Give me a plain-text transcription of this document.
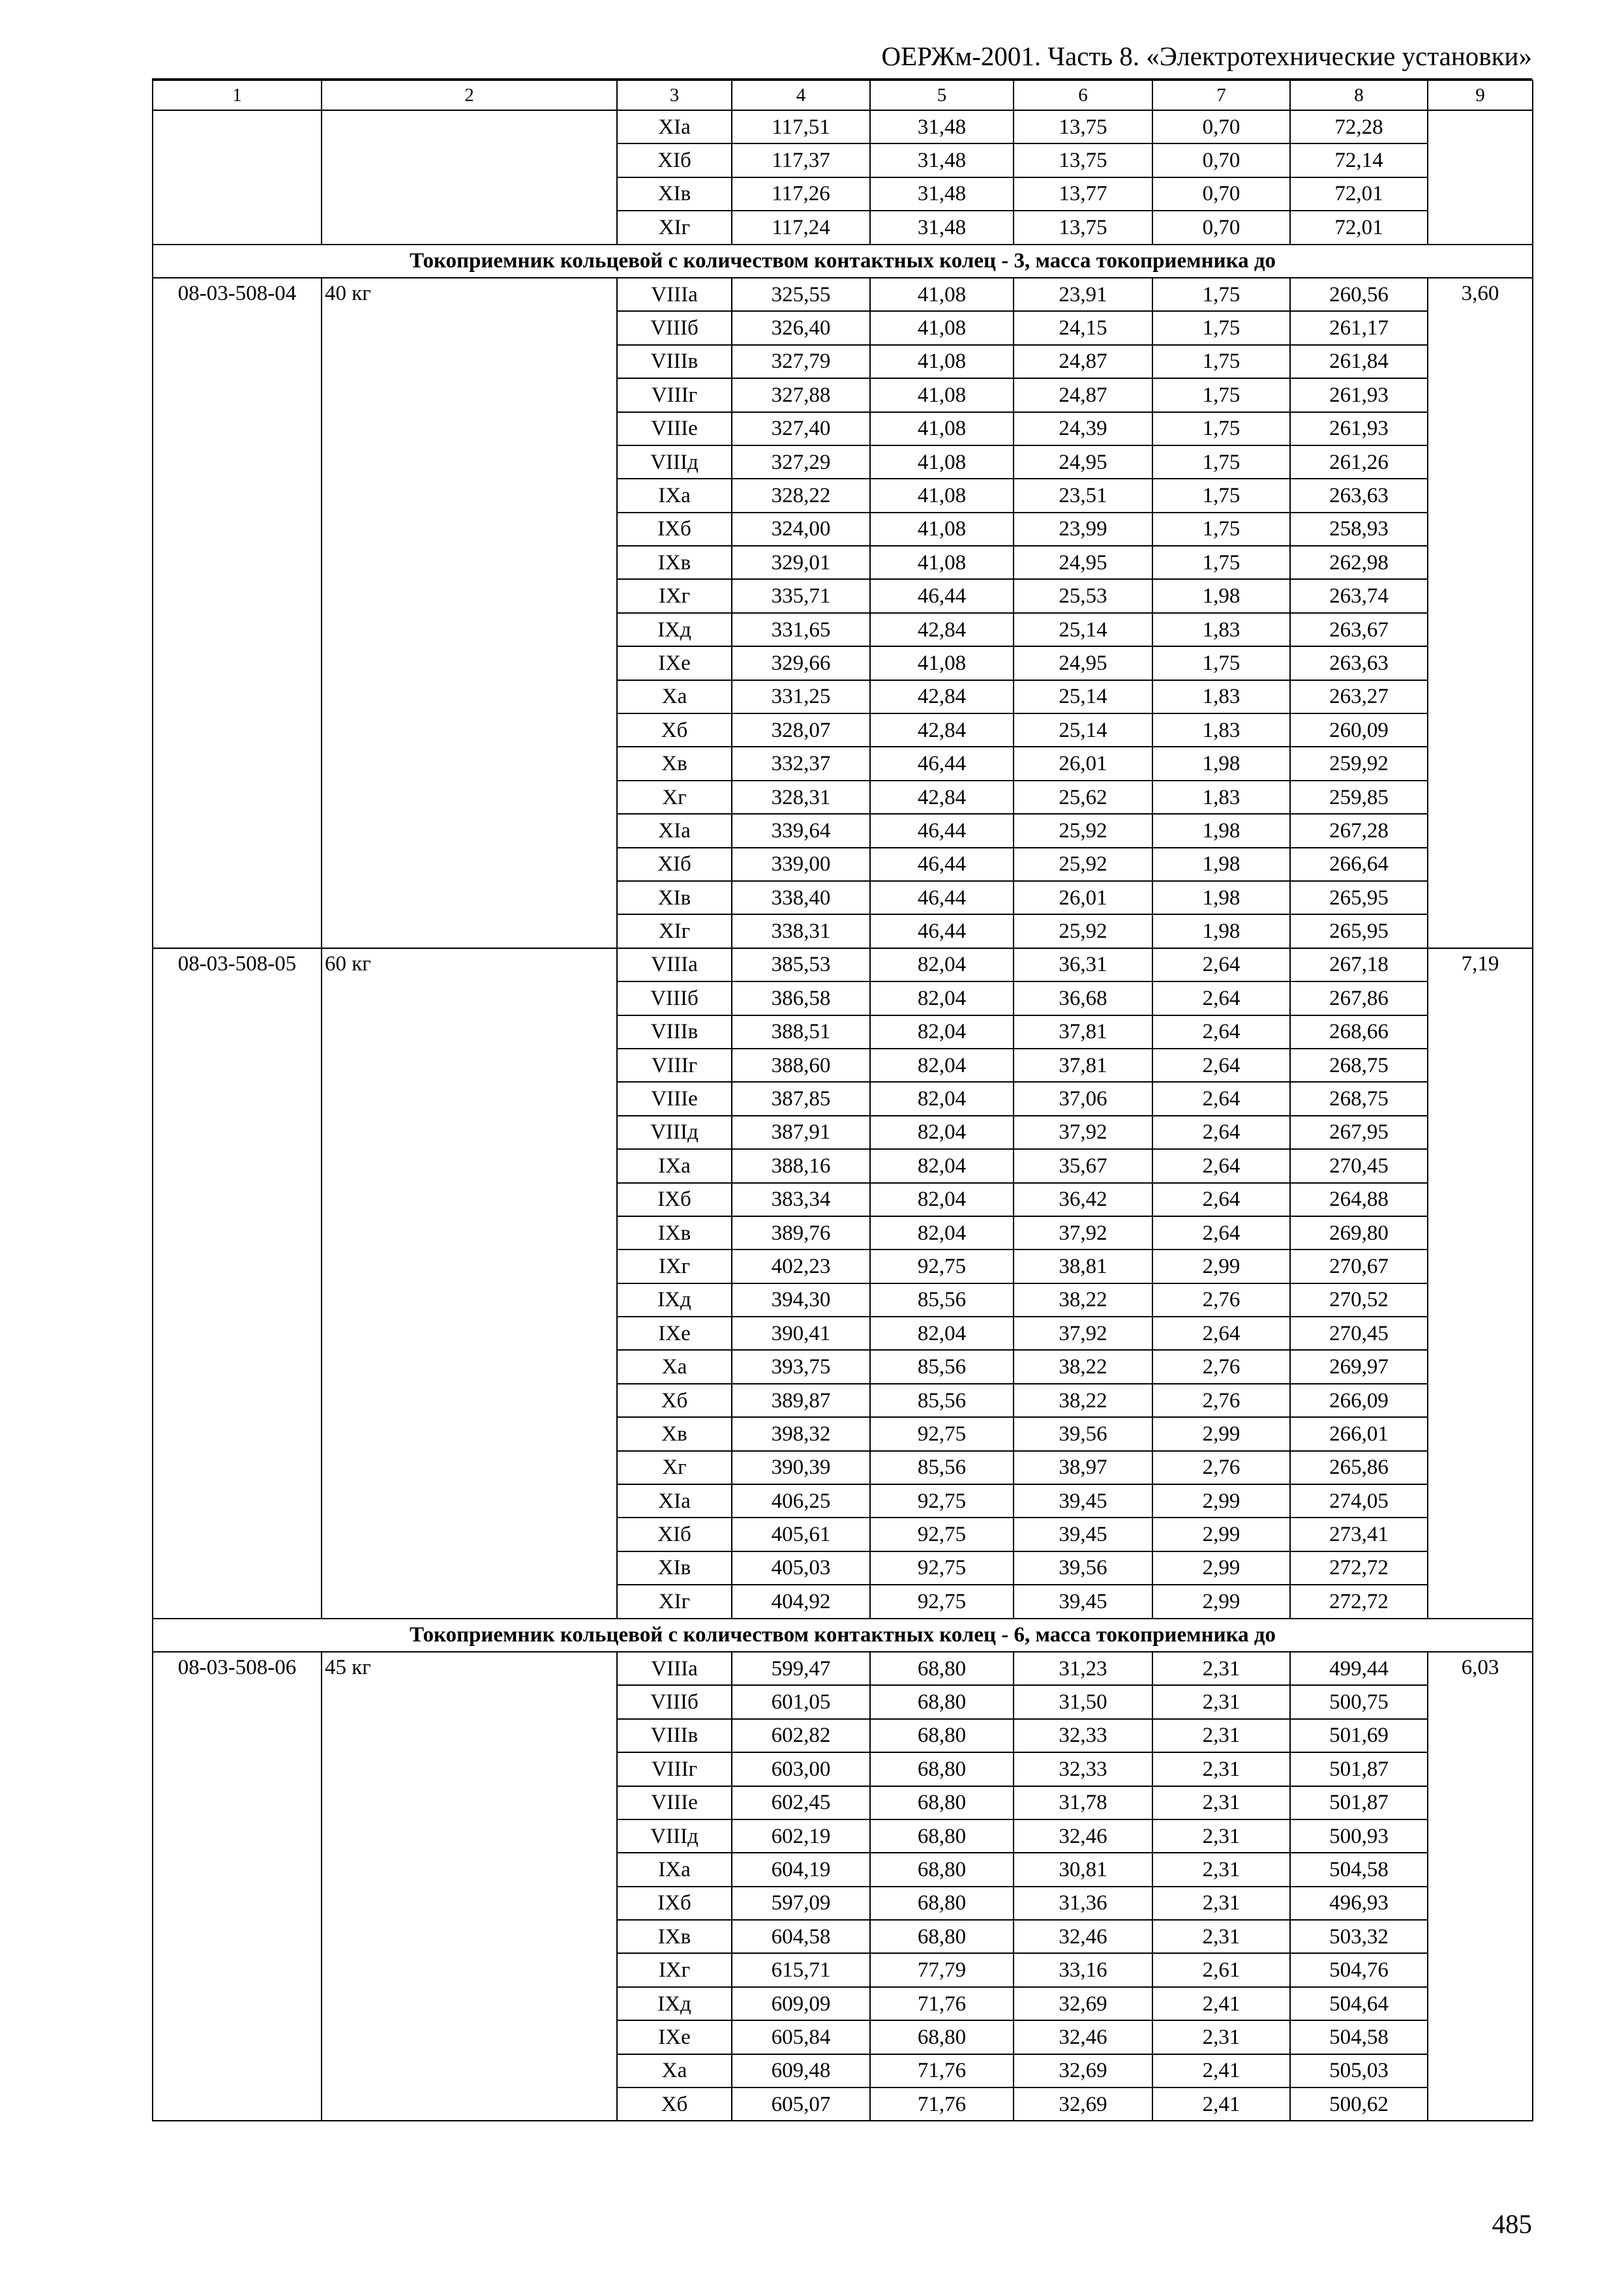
ОЕРЖм-2001. Часть 8. «Электротехнические установки»
1	2	3	4	5	6	7	8	9
		XIа	117,51	31,48	13,75	0,70	72,28	
		XIб	117,37	31,48	13,75	0,70	72,14	
		XIв	117,26	31,48	13,77	0,70	72,01	
		XIг	117,24	31,48	13,75	0,70	72,01	
Токоприемник кольцевой с количеством контактных колец - 3, масса токоприемника до								
08-03-508-04	40 кг	VIIIа	325,55	41,08	23,91	1,75	260,56	3,60
		VIIIб	326,40	41,08	24,15	1,75	261,17	
		VIIIв	327,79	41,08	24,87	1,75	261,84	
		VIIIг	327,88	41,08	24,87	1,75	261,93	
		VIIIе	327,40	41,08	24,39	1,75	261,93	
		VIIIд	327,29	41,08	24,95	1,75	261,26	
		IXа	328,22	41,08	23,51	1,75	263,63	
		IXб	324,00	41,08	23,99	1,75	258,93	
		IXв	329,01	41,08	24,95	1,75	262,98	
		IXг	335,71	46,44	25,53	1,98	263,74	
		IXд	331,65	42,84	25,14	1,83	263,67	
		IXе	329,66	41,08	24,95	1,75	263,63	
		Xа	331,25	42,84	25,14	1,83	263,27	
		Xб	328,07	42,84	25,14	1,83	260,09	
		Xв	332,37	46,44	26,01	1,98	259,92	
		Xг	328,31	42,84	25,62	1,83	259,85	
		XIа	339,64	46,44	25,92	1,98	267,28	
		XIб	339,00	46,44	25,92	1,98	266,64	
		XIв	338,40	46,44	26,01	1,98	265,95	
		XIг	338,31	46,44	25,92	1,98	265,95	
08-03-508-05	60 кг	VIIIа	385,53	82,04	36,31	2,64	267,18	7,19
		VIIIб	386,58	82,04	36,68	2,64	267,86	
		VIIIв	388,51	82,04	37,81	2,64	268,66	
		VIIIг	388,60	82,04	37,81	2,64	268,75	
		VIIIе	387,85	82,04	37,06	2,64	268,75	
		VIIIд	387,91	82,04	37,92	2,64	267,95	
		IXа	388,16	82,04	35,67	2,64	270,45	
		IXб	383,34	82,04	36,42	2,64	264,88	
		IXв	389,76	82,04	37,92	2,64	269,80	
		IXг	402,23	92,75	38,81	2,99	270,67	
		IXд	394,30	85,56	38,22	2,76	270,52	
		IXе	390,41	82,04	37,92	2,64	270,45	
		Xа	393,75	85,56	38,22	2,76	269,97	
		Xб	389,87	85,56	38,22	2,76	266,09	
		Xв	398,32	92,75	39,56	2,99	266,01	
		Xг	390,39	85,56	38,97	2,76	265,86	
		XIа	406,25	92,75	39,45	2,99	274,05	
		XIб	405,61	92,75	39,45	2,99	273,41	
		XIв	405,03	92,75	39,56	2,99	272,72	
		XIг	404,92	92,75	39,45	2,99	272,72	
Токоприемник кольцевой с количеством контактных колец - 6, масса токоприемника до								
08-03-508-06	45 кг	VIIIа	599,47	68,80	31,23	2,31	499,44	6,03
		VIIIб	601,05	68,80	31,50	2,31	500,75	
		VIIIв	602,82	68,80	32,33	2,31	501,69	
		VIIIг	603,00	68,80	32,33	2,31	501,87	
		VIIIе	602,45	68,80	31,78	2,31	501,87	
		VIIIд	602,19	68,80	32,46	2,31	500,93	
		IXа	604,19	68,80	30,81	2,31	504,58	
		IXб	597,09	68,80	31,36	2,31	496,93	
		IXв	604,58	68,80	32,46	2,31	503,32	
		IXг	615,71	77,79	33,16	2,61	504,76	
		IXд	609,09	71,76	32,69	2,41	504,64	
		IXе	605,84	68,80	32,46	2,31	504,58	
		Xа	609,48	71,76	32,69	2,41	505,03	
		Xб	605,07	71,76	32,69	2,41	500,62	
485
